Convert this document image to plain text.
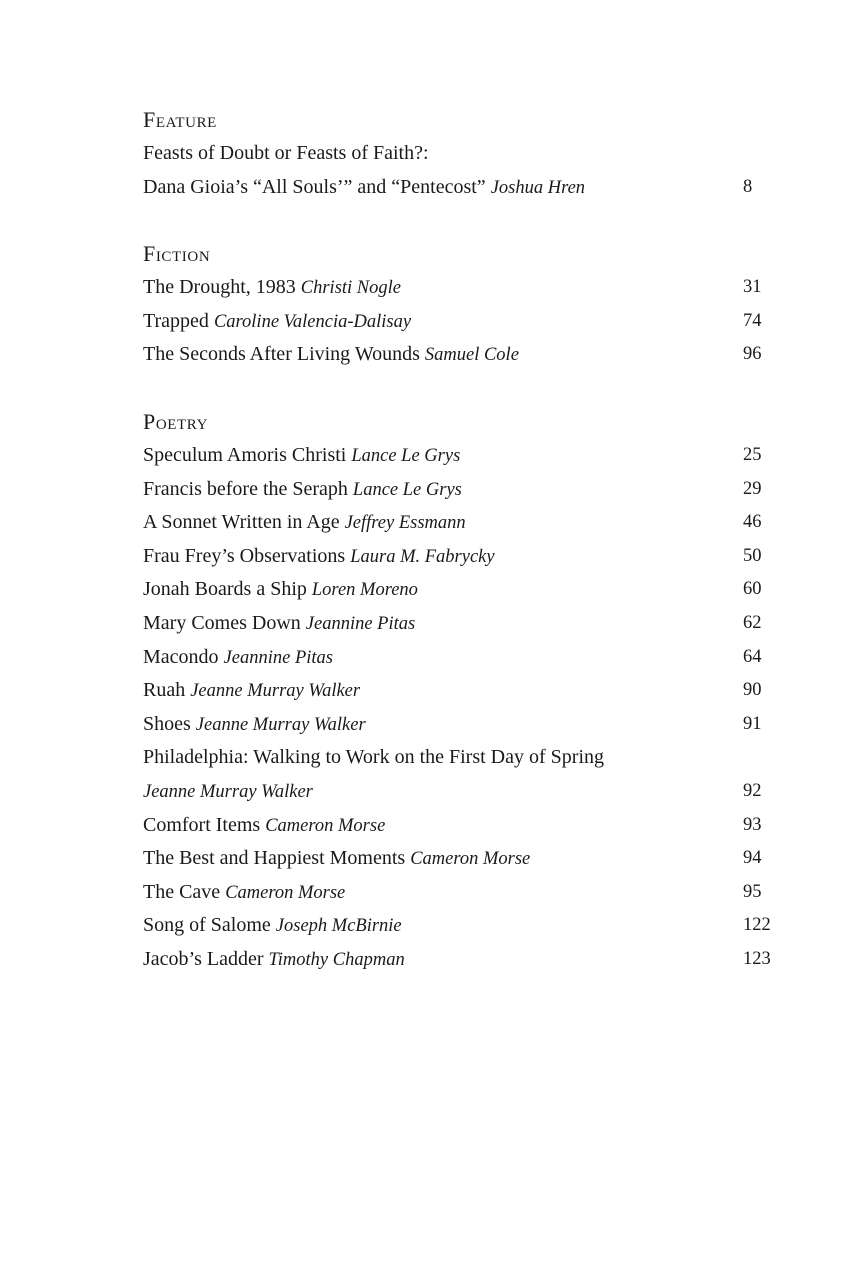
Feature
Feasts of Doubt or Feasts of Faith?:
Dana Gioia’s “All Souls’” and “Pentecost” Joshua Hren	8
Fiction
The Drought, 1983 Christi Nogle	31
Trapped Caroline Valencia-Dalisay	74
The Seconds After Living Wounds Samuel Cole	96
Poetry
Speculum Amoris Christi Lance Le Grys	25
Francis before the Seraph Lance Le Grys	29
A Sonnet Written in Age Jeffrey Essmann	46
Frau Frey’s Observations Laura M. Fabrycky	50
Jonah Boards a Ship Loren Moreno	60
Mary Comes Down Jeannine Pitas	62
Macondo Jeannine Pitas	64
Ruah Jeanne Murray Walker	90
Shoes Jeanne Murray Walker	91
Philadelphia: Walking to Work on the First Day of Spring
Jeanne Murray Walker	92
Comfort Items Cameron Morse	93
The Best and Happiest Moments Cameron Morse	94
The Cave Cameron Morse	95
Song of Salome Joseph McBirnie	122
Jacob’s Ladder Timothy Chapman	123
